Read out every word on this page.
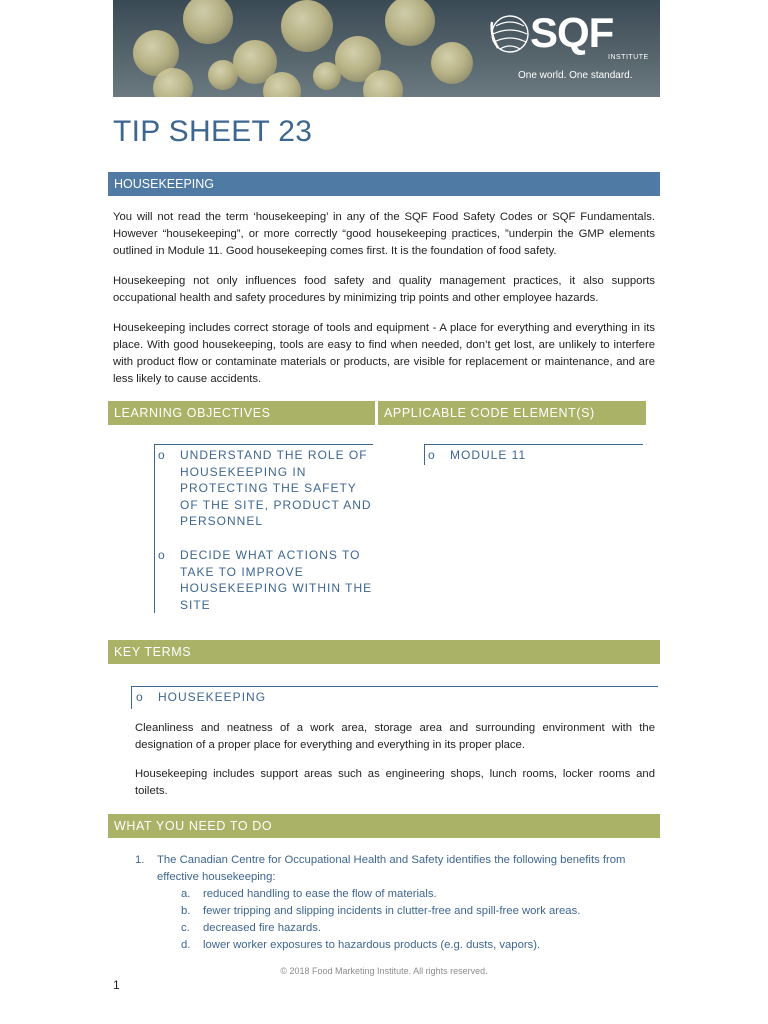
SQF
INSTITUTE
One world. One standard.
TIP SHEET 23
HOUSEKEEPING
You will not read the term ‘housekeeping’ in any of the SQF Food Safety Codes or SQF Fundamentals. However “housekeeping”, or more correctly “good housekeeping practices, ”underpin the GMP elements outlined in Module 11. Good housekeeping comes first. It is the foundation of food safety.
Housekeeping not only influences food safety and quality management practices, it also supports occupational health and safety procedures by minimizing trip points and other employee hazards.
Housekeeping includes correct storage of tools and equipment - A place for everything and everything in its place. With good housekeeping, tools are easy to find when needed, don’t get lost, are unlikely to interfere with product flow or contaminate materials or products, are visible for replacement or maintenance, and are less likely to cause accidents.
LEARNING OBJECTIVES	APPLICABLE CODE ELEMENT(S)
o UNDERSTAND THE ROLE OF
HOUSEKEEPING IN
PROTECTING THE SAFETY
OF THE SITE, PRODUCT AND
PERSONNEL
o DECIDE WHAT ACTIONS TO
TAKE TO IMPROVE
HOUSEKEEPING WITHIN THE
SITE
o MODULE 11
KEY TERMS
o HOUSEKEEPING
Cleanliness and neatness of a work area, storage area and surrounding environment with the designation of a proper place for everything and everything in its proper place.
Housekeeping includes support areas such as engineering shops, lunch rooms, locker rooms and toilets.
WHAT YOU NEED TO DO
1. The Canadian Centre for Occupational Health and Safety identifies the following benefits from
effective housekeeping:
a. reduced handling to ease the flow of materials.
b. fewer tripping and slipping incidents in clutter-free and spill-free work areas.
c. decreased fire hazards.
d. lower worker exposures to hazardous products (e.g. dusts, vapors).
© 2018 Food Marketing Institute. All rights reserved.
1
